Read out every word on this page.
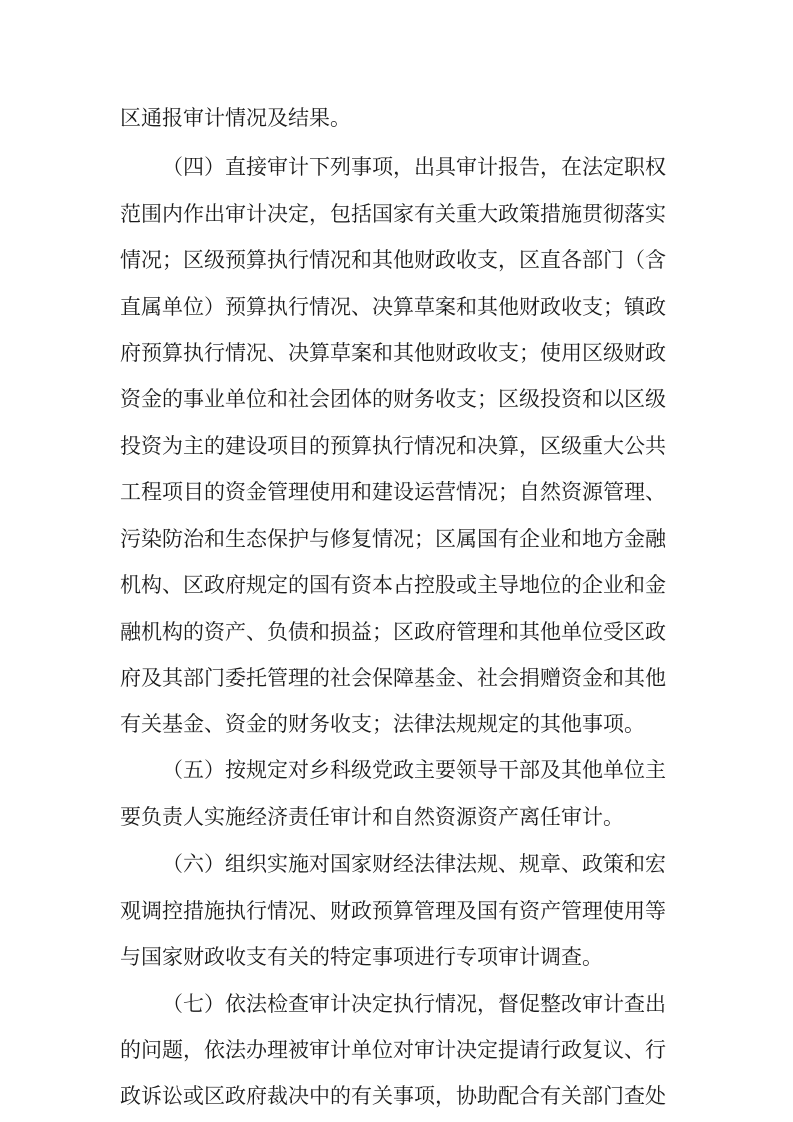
区通报审计情况及结果。
（四）直接审计下列事项，出具审计报告，在法定职权
范围内作出审计决定，包括国家有关重大政策措施贯彻落实
情况；区级预算执行情况和其他财政收支，区直各部门（含
直属单位）预算执行情况、决算草案和其他财政收支；镇政
府预算执行情况、决算草案和其他财政收支；使用区级财政
资金的事业单位和社会团体的财务收支；区级投资和以区级
投资为主的建设项目的预算执行情况和决算，区级重大公共
工程项目的资金管理使用和建设运营情况；自然资源管理、
污染防治和生态保护与修复情况；区属国有企业和地方金融
机构、区政府规定的国有资本占控股或主导地位的企业和金
融机构的资产、负债和损益；区政府管理和其他单位受区政
府及其部门委托管理的社会保障基金、社会捐赠资金和其他
有关基金、资金的财务收支；法律法规规定的其他事项。
（五）按规定对乡科级党政主要领导干部及其他单位主
要负责人实施经济责任审计和自然资源资产离任审计。
（六）组织实施对国家财经法律法规、规章、政策和宏
观调控措施执行情况、财政预算管理及国有资产管理使用等
与国家财政收支有关的特定事项进行专项审计调查。
（七）依法检查审计决定执行情况，督促整改审计查出
的问题，依法办理被审计单位对审计决定提请行政复议、行
政诉讼或区政府裁决中的有关事项，协助配合有关部门查处
